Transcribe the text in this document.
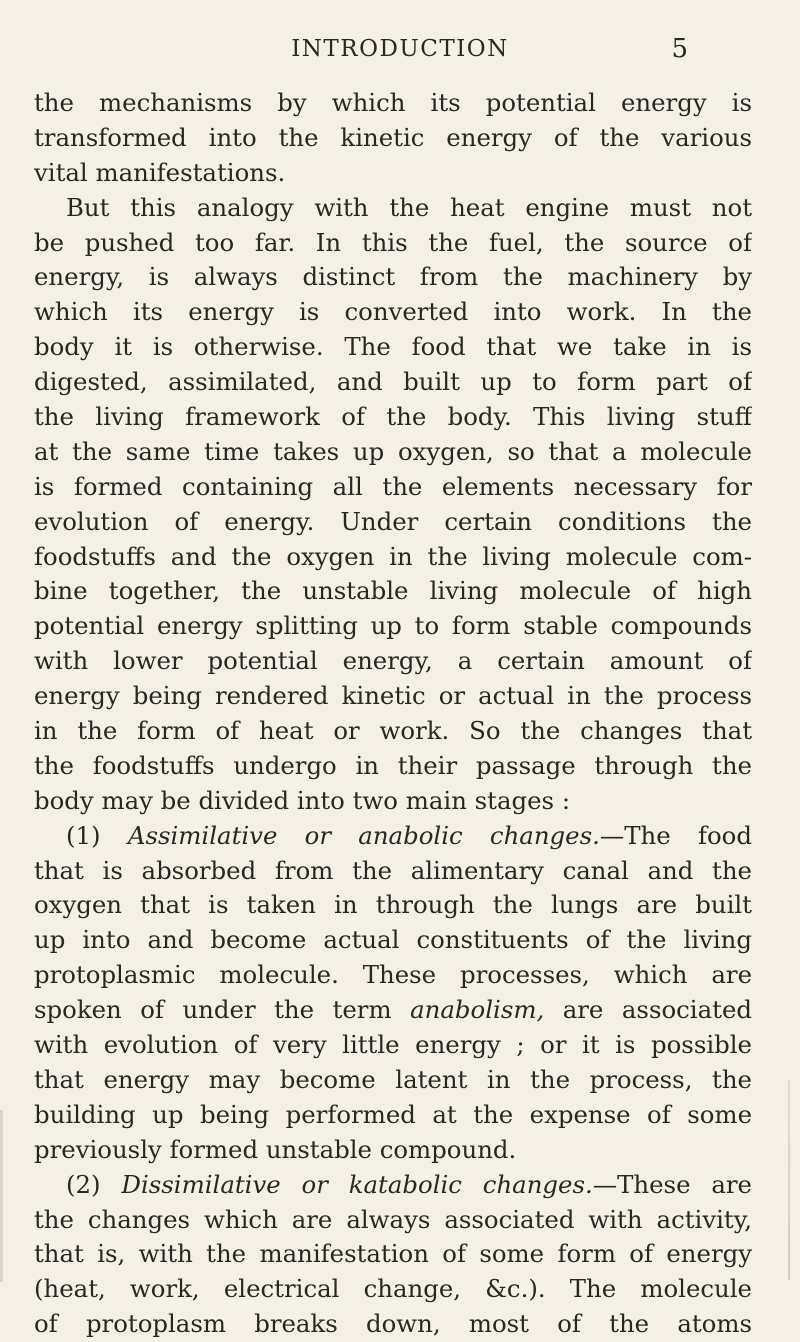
INTRODUCTION	5
the mechanisms by which its potential energy is
transformed into the kinetic energy of the various
vital manifestations.
But this analogy with the heat engine must not
be pushed too far. In this the fuel, the source of
energy, is always distinct from the machinery by
which its energy is converted into work. In the
body it is otherwise. The food that we take in is
digested, assimilated, and built up to form part of
the living framework of the body. This living stuff
at the same time takes up oxygen, so that a molecule
is formed containing all the elements necessary for
evolution of energy. Under certain conditions the
foodstuffs and the oxygen in the living molecule com-
bine together, the unstable living molecule of high
potential energy splitting up to form stable compounds
with lower potential energy, a certain amount of
energy being rendered kinetic or actual in the process
in the form of heat or work. So the changes that
the foodstuffs undergo in their passage through the
body may be divided into two main stages :
(1) Assimilative or anabolic changes.—The food
that is absorbed from the alimentary canal and the
oxygen that is taken in through the lungs are built
up into and become actual constituents of the living
protoplasmic molecule. These processes, which are
spoken of under the term anabolism, are associated
with evolution of very little energy ; or it is possible
that energy may become latent in the process, the
building up being performed at the expense of some
previously formed unstable compound.
(2) Dissimilative or katabolic changes.—These are
the changes which are always associated with activity,
that is, with the manifestation of some form of energy
(heat, work, electrical change, &c.). The molecule
of protoplasm breaks down, most of the atoms
